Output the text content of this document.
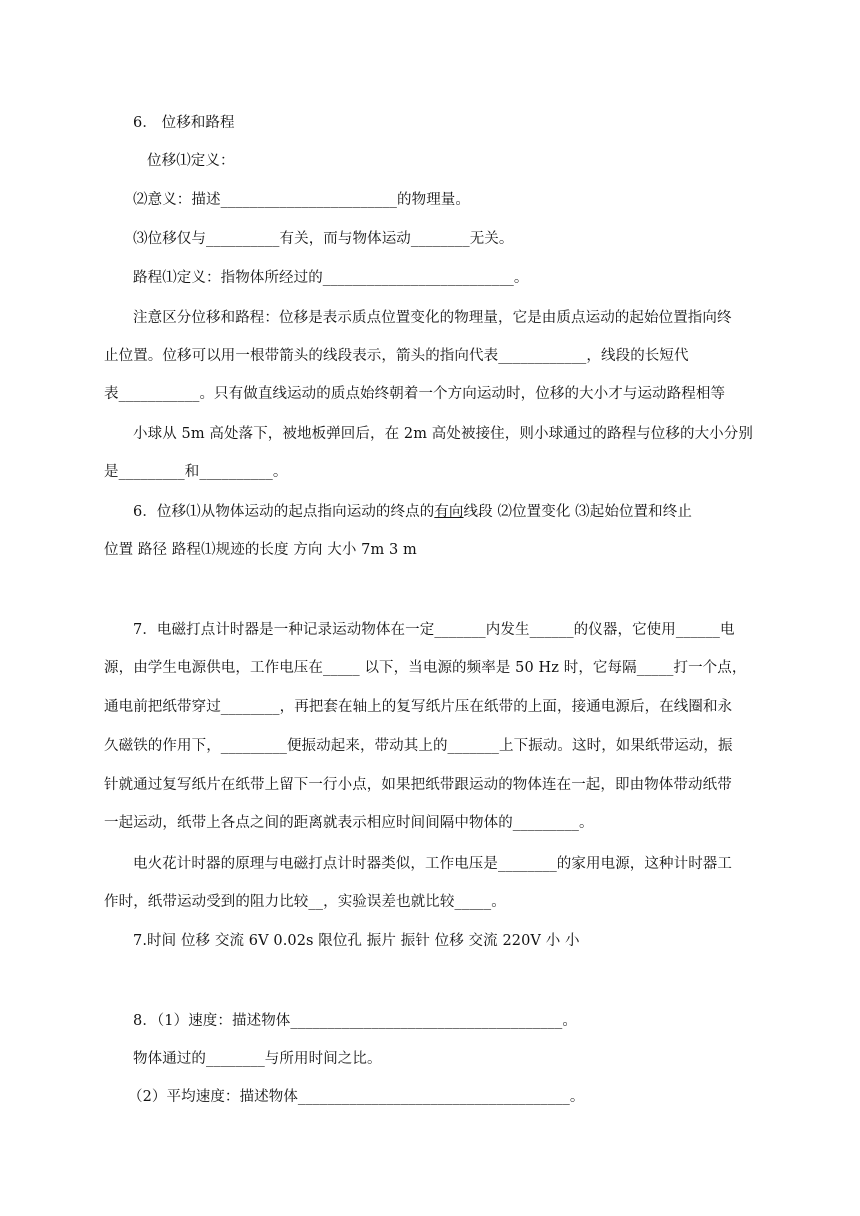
6． 位移和路程
位移⑴定义：
⑵意义：描述________________________的物理量。
⑶位移仅与__________有关，而与物体运动________无关。
路程⑴定义：指物体所经过的__________________________。
注意区分位移和路程：位移是表示质点位置变化的物理量，它是由质点运动的起始位置指向终
止位置。位移可以用一根带箭头的线段表示，箭头的指向代表____________，线段的长短代
表___________。只有做直线运动的质点始终朝着一个方向运动时，位移的大小才与运动路程相等
小球从 5m 高处落下，被地板弹回后，在 2m 高处被接住，则小球通过的路程与位移的大小分别
是_________和__________。
6．位移⑴从物体运动的起点指向运动的终点的有向线段 ⑵位置变化 ⑶起始位置和终止
位置 路径 路程⑴规迹的长度 方向 大小 7m 3 m
7．电磁打点计时器是一种记录运动物体在一定_______内发生______的仪器，它使用______电
源，由学生电源供电，工作电压在_____ 以下，当电源的频率是 50 Hz 时，它每隔_____打一个点，
通电前把纸带穿过________，再把套在轴上的复写纸片压在纸带的上面，接通电源后，在线圈和永
久磁铁的作用下，_________便振动起来，带动其上的_______上下振动。这时，如果纸带运动，振
针就通过复写纸片在纸带上留下一行小点，如果把纸带跟运动的物体连在一起，即由物体带动纸带
一起运动，纸带上各点之间的距离就表示相应时间间隔中物体的_________。
电火花计时器的原理与电磁打点计时器类似，工作电压是________的家用电源，这种计时器工
作时，纸带运动受到的阻力比较__，实验误差也就比较_____。
7.时间 位移 交流 6V 0.02s 限位孔 振片 振针 位移 交流 220V 小 小
8．（1）速度：描述物体_____________________________________。
物体通过的________与所用时间之比。
（2）平均速度：描述物体_____________________________________。
